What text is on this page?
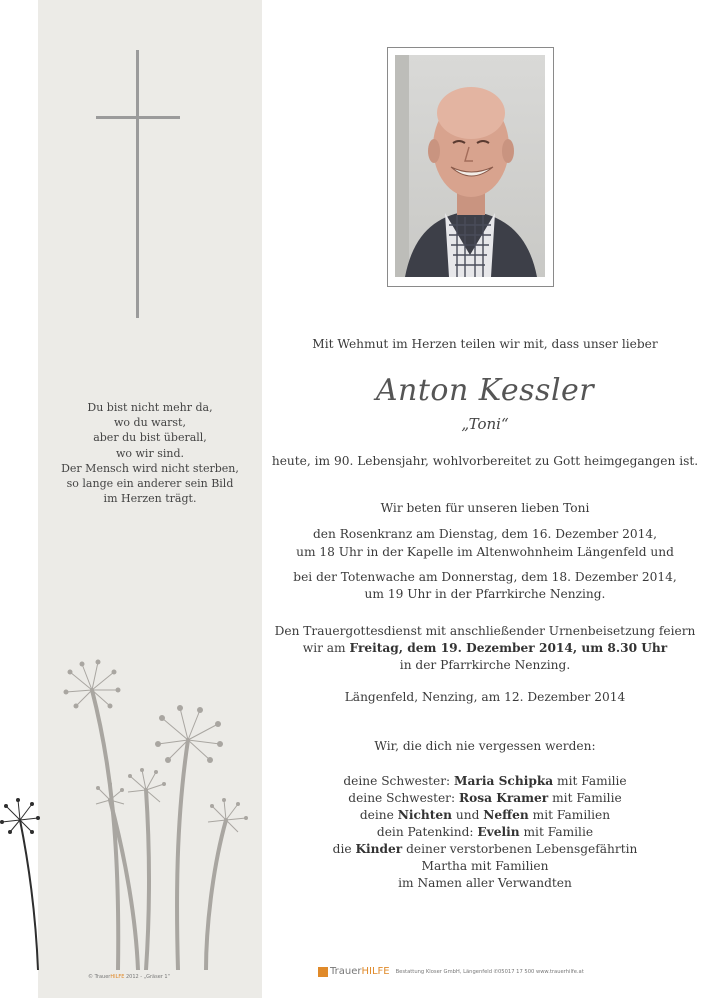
Du bist nicht mehr da,
wo du warst,
aber du bist überall,
wo wir sind.
Der Mensch wird nicht sterben,
so lange ein anderer sein Bild
im Herzen trägt.
© TrauerHILFE 2012 - „Gräser 1“
Mit Wehmut im Herzen teilen wir mit, dass unser lieber
Anton Kessler
„Toni“
heute, im 90. Lebensjahr, wohlvorbereitet zu Gott heimgegangen ist.
Wir beten für unseren lieben Toni
den Rosenkranz am Dienstag, dem 16. Dezember 2014,
um 18 Uhr in der Kapelle im Altenwohnheim Längenfeld und
bei der Totenwache am Donnerstag, dem 18. Dezember 2014,
um 19 Uhr in der Pfarrkirche Nenzing.
Den Trauergottesdienst mit anschließender Urnenbeisetzung feiern
wir am Freitag, dem 19. Dezember 2014, um 8.30 Uhr
in der Pfarrkirche Nenzing.
Längenfeld, Nenzing, am 12. Dezember 2014
Wir, die dich nie vergessen werden:
deine Schwester: Maria Schipka mit Familie
deine Schwester: Rosa Kramer mit Familie
deine Nichten und Neffen mit Familien
dein Patenkind: Evelin mit Familie
die Kinder deiner verstorbenen Lebensgefährtin
Martha mit Familien
im Namen aller Verwandten
TrauerHILFE Bestattung Kloser GmbH, Längenfeld ✆05017 17 500 www.trauerhilfe.at
